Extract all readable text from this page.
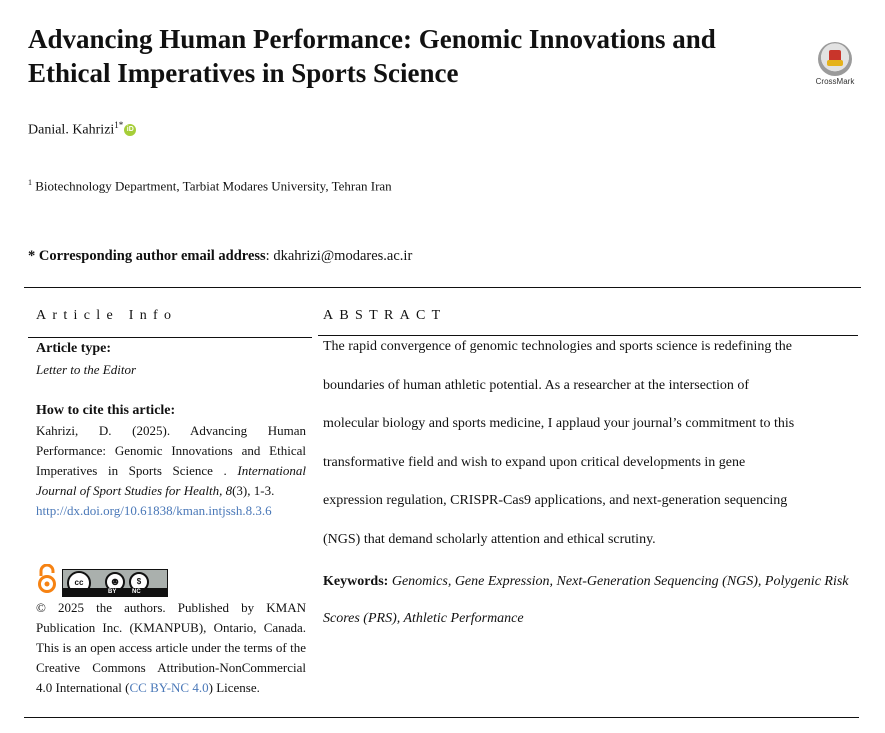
Advancing Human Performance: Genomic Innovations and
Ethical Imperatives in Sports Science	CrossMark
Danial. Kahrizi$^{1*}$ iD
$^1$ Biotechnology Department, Tarbiat Modares University, Tehran Iran
* Corresponding author email address: dkahrizi@modares.ac.ir
Article Info	ABSTRACT
Article type:
Letter to the Editor
How to cite this article:
Kahrizi, D. (2025). Advancing Human Performance: Genomic Innovations and Ethical Imperatives in Sports Science . International Journal of Sport Studies for Health, 8(3), 1-3.
http://dx.doi.org/10.61838/kman.intjssh.8.3.6
cc	☻	$
BY	NC
© 2025 the authors. Published by KMAN Publication Inc. (KMANPUB), Ontario, Canada. This is an open access article under the terms of the Creative Commons Attribution-NonCommercial 4.0 International (CC BY-NC 4.0) License.
The rapid convergence of genomic technologies and sports science is redefining the
boundaries of human athletic potential. As a researcher at the intersection of
molecular biology and sports medicine, I applaud your journal’s commitment to this
transformative field and wish to expand upon critical developments in gene
expression regulation, CRISPR-Cas9 applications, and next-generation sequencing
(NGS) that demand scholarly attention and ethical scrutiny.
Keywords: Genomics, Gene Expression, Next-Generation Sequencing (NGS), Polygenic Risk Scores (PRS), Athletic Performance
